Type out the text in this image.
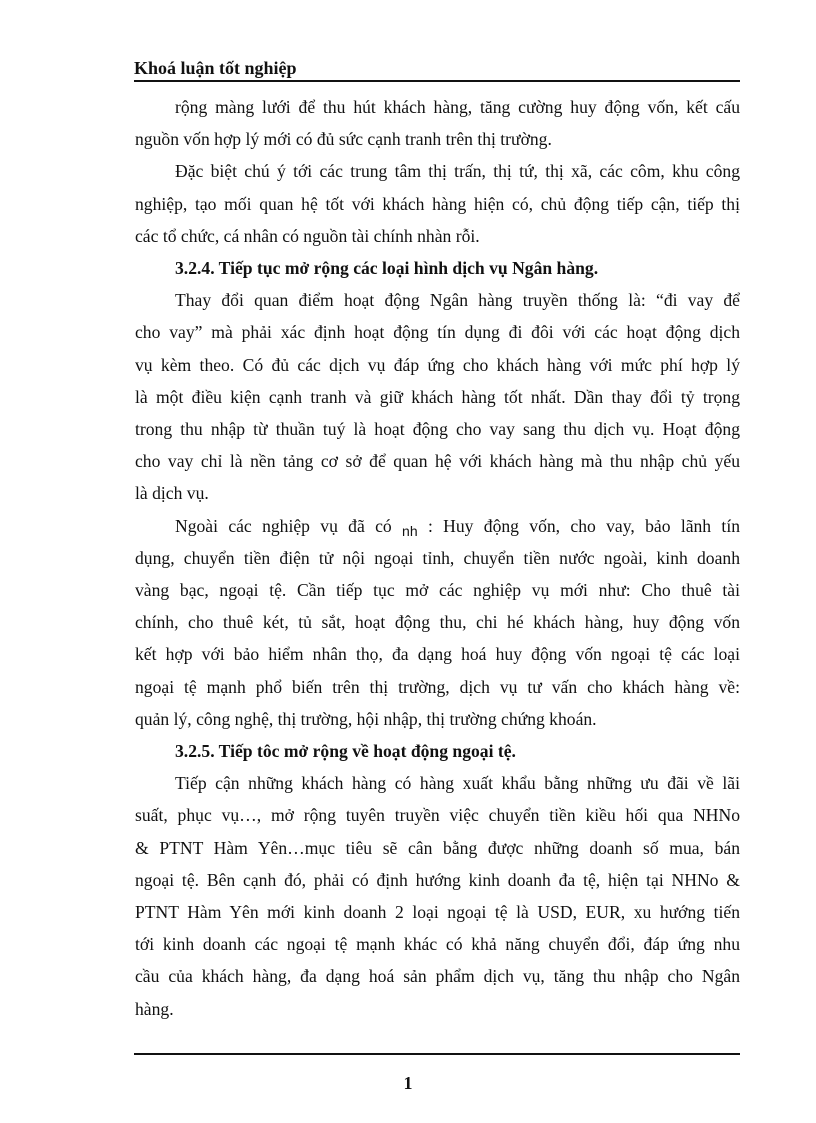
Khoá luận tốt nghiệp
rộng màng lưới để thu hút khách hàng, tăng cường huy động vốn, kết cấu
nguồn vốn hợp lý mới có đủ sức cạnh tranh trên thị trường.
Đặc biệt chú ý tới các trung tâm thị trấn, thị tứ, thị xã, các côm, khu công
nghiệp, tạo mối quan hệ tốt với khách hàng hiện có, chủ động tiếp cận, tiếp thị
các tổ chức, cá nhân có nguồn tài chính nhàn rỗi.
3.2.4. Tiếp tục mở rộng các loại hình dịch vụ Ngân hàng.
Thay đổi quan điểm hoạt động Ngân hàng truyền thống là: “đi vay để
cho vay” mà phải xác định hoạt động tín dụng đi đôi với các hoạt động dịch
vụ kèm theo. Có đủ các dịch vụ đáp ứng cho khách hàng với mức phí hợp lý
là một điều kiện cạnh tranh và giữ khách hàng tốt nhất. Dần thay đổi tỷ trọng
trong thu nhập từ thuần tuý là hoạt động cho vay sang thu dịch vụ. Hoạt động
cho vay chỉ là nền tảng cơ sở để quan hệ với khách hàng mà thu nhập chủ yếu
là dịch vụ.
Ngoài các nghiệp vụ đã có $_{nh}$ : Huy động vốn, cho vay, bảo lãnh tín
dụng, chuyển tiền điện tử nội ngoại tỉnh, chuyển tiền nước ngoài, kinh doanh
vàng bạc, ngoại tệ. Cần tiếp tục mở các nghiệp vụ mới như: Cho thuê tài
chính, cho thuê két, tủ sắt, hoạt động thu, chi hé khách hàng, huy động vốn
kết hợp với bảo hiểm nhân thọ, đa dạng hoá huy động vốn ngoại tệ các loại
ngoại tệ mạnh phổ biến trên thị trường, dịch vụ tư vấn cho khách hàng về:
quản lý, công nghệ, thị trường, hội nhập, thị trường chứng khoán.
3.2.5. Tiếp tôc mở rộng về hoạt động ngoại tệ.
Tiếp cận những khách hàng có hàng xuất khẩu bằng những ưu đãi về lãi
suất, phục vụ…, mở rộng tuyên truyền việc chuyển tiền kiều hối qua NHNo
& PTNT Hàm Yên…mục tiêu sẽ cân bằng được những doanh số mua, bán
ngoại tệ. Bên cạnh đó, phải có định hướng kinh doanh đa tệ, hiện tại NHNo &
PTNT Hàm Yên mới kinh doanh 2 loại ngoại tệ là USD, EUR, xu hướng tiến
tới kinh doanh các ngoại tệ mạnh khác có khả năng chuyển đổi, đáp ứng nhu
cầu của khách hàng, đa dạng hoá sản phẩm dịch vụ, tăng thu nhập cho Ngân
hàng.
1
